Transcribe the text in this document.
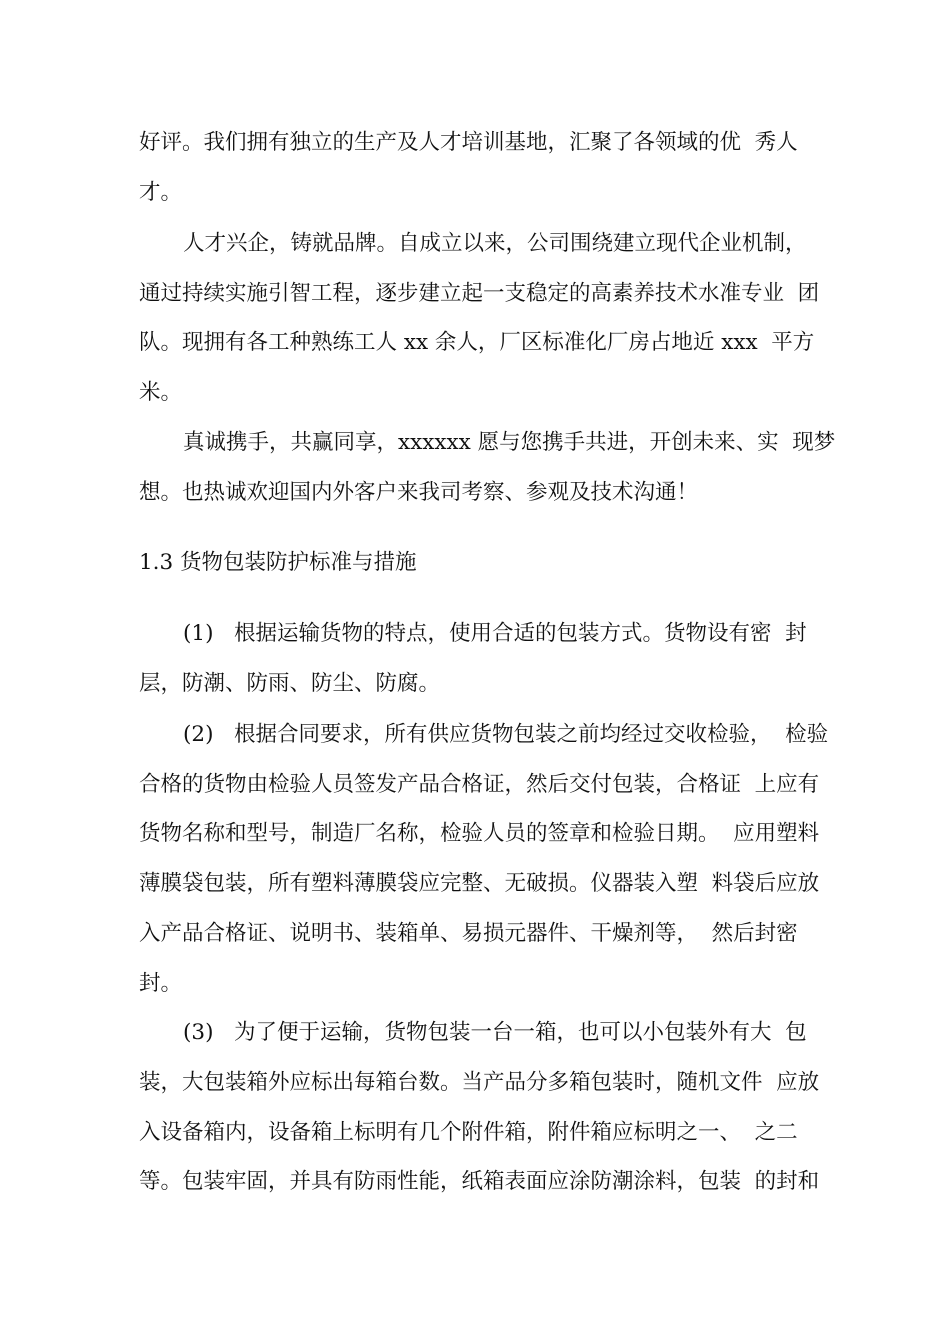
好评。我们拥有独立的生产及人才培训基地，汇聚了各领域的优  秀人

才。

人才兴企，铸就品牌。自成立以来，公司围绕建立现代企业机制，

通过持续实施引智工程，逐步建立起一支稳定的高素养技术水准专业  团

队。现拥有各工种熟练工人 xx 余人，厂区标准化厂房占地近 xxx  平方

米。

真诚携手，共赢同享，xxxxxx 愿与您携手共进，开创未来、实  现梦

想。也热诚欢迎国内外客户来我司考察、参观及技术沟通！

1.3 货物包装防护标准与措施

(1)   根据运输货物的特点，使用合适的包装方式。货物设有密  封

层，防潮、防雨、防尘、防腐。

(2)   根据合同要求，所有供应货物包装之前均经过交收检验，  检验

合格的货物由检验人员签发产品合格证，然后交付包装，合格证  上应有

货物名称和型号，制造厂名称，检验人员的签章和检验日期。  应用塑料

薄膜袋包装，所有塑料薄膜袋应完整、无破损。仪器装入塑  料袋后应放

入产品合格证、说明书、装箱单、易损元器件、干燥剂等，  然后封密

封。

(3)   为了便于运输，货物包装一台一箱，也可以小包装外有大  包

装，大包装箱外应标出每箱台数。当产品分多箱包装时，随机文件  应放

入设备箱内，设备箱上标明有几个附件箱，附件箱应标明之一、  之二

等。包装牢固，并具有防雨性能，纸箱表面应涂防潮涂料，包装  的封和
